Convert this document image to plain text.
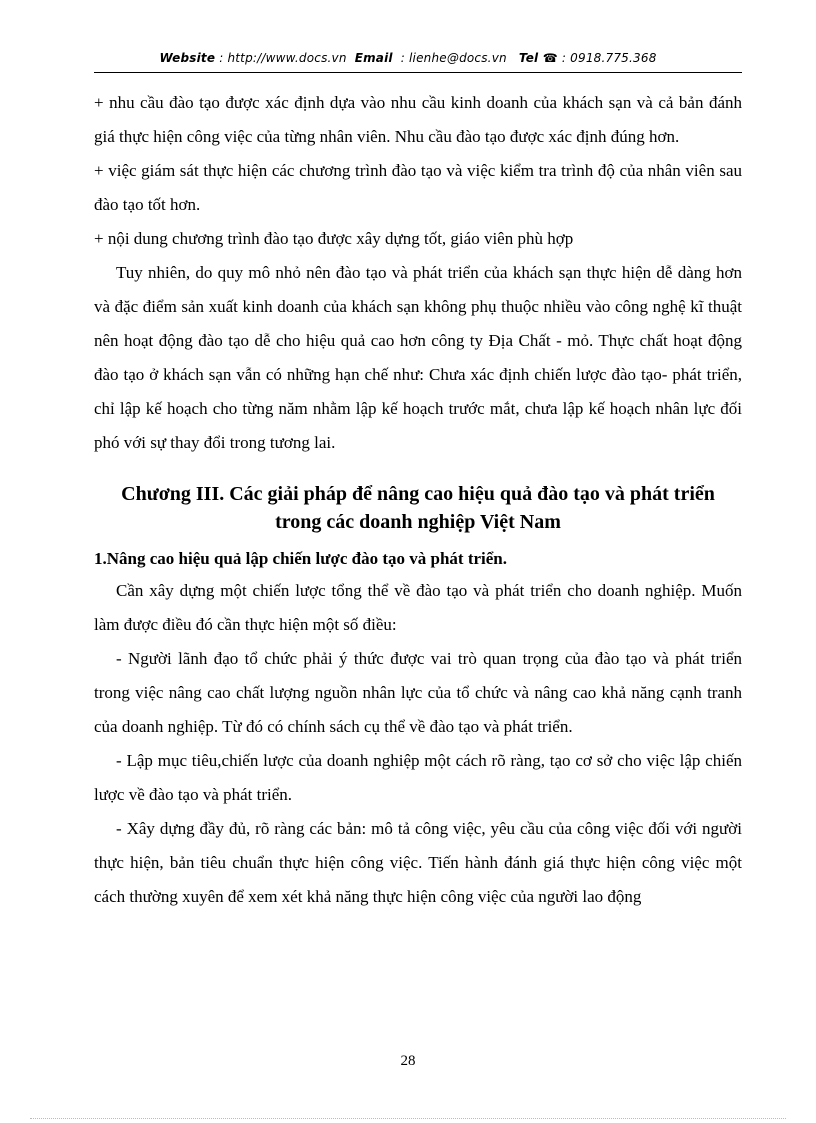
Website : http://www.docs.vn Email : lienhe@docs.vn Tel ☎ : 0918.775.368

+ nhu cầu đào tạo được xác định dựa vào nhu cầu kinh doanh của khách sạn và cả bản đánh giá thực hiện công việc của từng nhân viên. Nhu cầu đào tạo được xác định đúng hơn.

+ việc giám sát thực hiện các chương trình đào tạo và việc kiểm tra trình độ của nhân viên sau đào tạo tốt hơn.

+ nội dung chương trình đào tạo được xây dựng tốt, giáo viên phù hợp

Tuy nhiên, do quy mô nhỏ nên đào tạo và phát triển của khách sạn thực hiện dễ dàng hơn và đặc điểm sản xuất kinh doanh của khách sạn không phụ thuộc nhiều vào công nghệ kĩ thuật nên hoạt động đào tạo dễ cho hiệu quả cao hơn công ty Địa Chất - mỏ. Thực chất hoạt động đào tạo ở khách sạn vẫn có những hạn chế như: Chưa xác định chiến lược đào tạo- phát triển, chỉ lập kế hoạch cho từng năm nhằm lập kế hoạch trước mắt, chưa lập kế hoạch nhân lực đối phó với sự thay đổi trong tương lai.

Chương III. Các giải pháp để nâng cao hiệu quả đào tạo và phát triển
trong các doanh nghiệp Việt Nam

1.Nâng cao hiệu quả lập chiến lược đào tạo và phát triển.

Cần xây dựng một chiến lược tổng thể về đào tạo và phát triển cho doanh nghiệp. Muốn làm được điều đó cần thực hiện một số điều:

- Người lãnh đạo tổ chức phải ý thức được vai trò quan trọng của đào tạo và phát triển trong việc nâng cao chất lượng nguồn nhân lực của tổ chức và nâng cao khả năng cạnh tranh của doanh nghiệp. Từ đó có chính sách cụ thể về đào tạo và phát triển.

- Lập mục tiêu,chiến lược của doanh nghiệp một cách rõ ràng, tạo cơ sở cho việc lập chiến lược về đào tạo và phát triển.

- Xây dựng đầy đủ, rõ ràng các bản: mô tả công việc, yêu cầu của công việc đối với người thực hiện, bản tiêu chuẩn thực hiện công việc. Tiến hành đánh giá thực hiện công việc một cách thường xuyên để xem xét khả năng thực hiện công việc của người lao động

28
